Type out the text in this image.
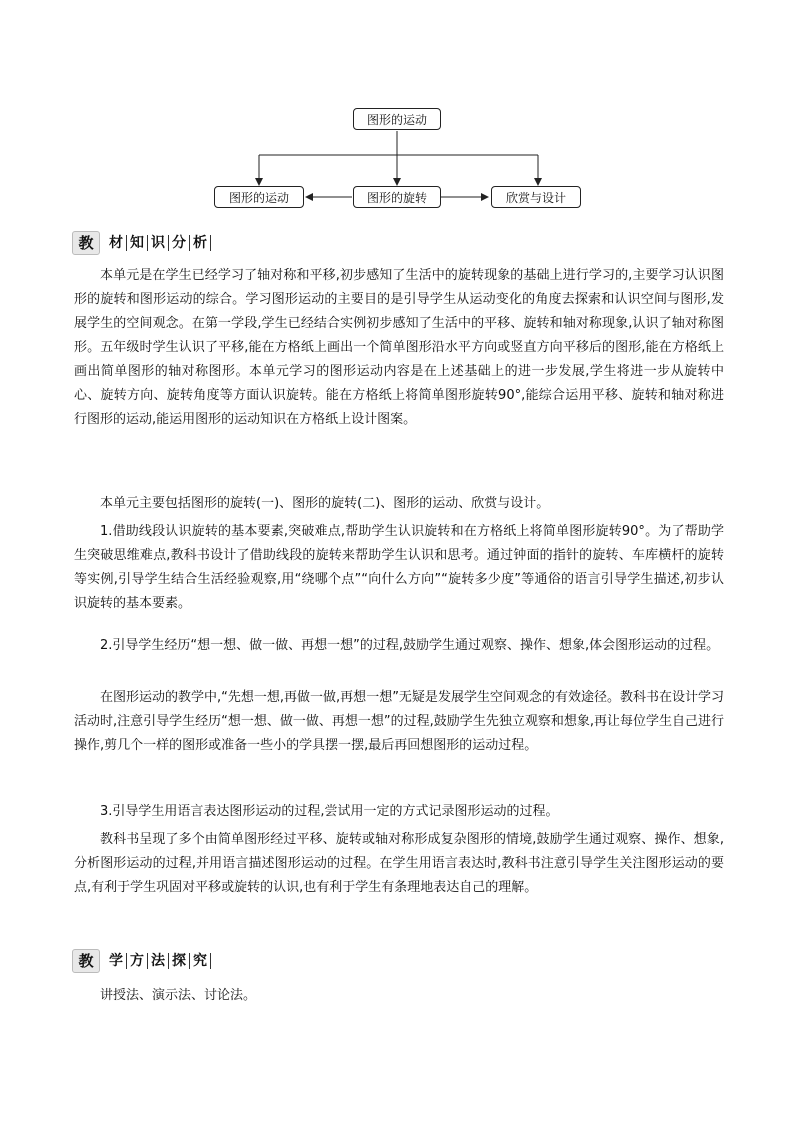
图形的运动
图形的运动	图形的旋转	欣赏与设计
教	材 知 识 分 析

本单元是在学生已经学习了轴对称和平移,初步感知了生活中的旋转现象的基础上进行学习的,主要学习认识图形的旋转和图形运动的综合。学习图形运动的主要目的是引导学生从运动变化的角度去探索和认识空间与图形,发展学生的空间观念。在第一学段,学生已经结合实例初步感知了生活中的平移、旋转和轴对称现象,认识了轴对称图形。五年级时学生认识了平移,能在方格纸上画出一个简单图形沿水平方向或竖直方向平移后的图形,能在方格纸上画出简单图形的轴对称图形。本单元学习的图形运动内容是在上述基础上的进一步发展,学生将进一步从旋转中心、旋转方向、旋转角度等方面认识旋转。能在方格纸上将简单图形旋转90°,能综合运用平移、旋转和轴对称进行图形的运动,能运用图形的运动知识在方格纸上设计图案。

本单元主要包括图形的旋转(一)、图形的旋转(二)、图形的运动、欣赏与设计。

1.借助线段认识旋转的基本要素,突破难点,帮助学生认识旋转和在方格纸上将简单图形旋转90°。为了帮助学生突破思维难点,教科书设计了借助线段的旋转来帮助学生认识和思考。通过钟面的指针的旋转、车库横杆的旋转等实例,引导学生结合生活经验观察,用“绕哪个点”“向什么方向”“旋转多少度”等通俗的语言引导学生描述,初步认识旋转的基本要素。

2.引导学生经历“想一想、做一做、再想一想”的过程,鼓励学生通过观察、操作、想象,体会图形运动的过程。

在图形运动的教学中,“先想一想,再做一做,再想一想”无疑是发展学生空间观念的有效途径。教科书在设计学习活动时,注意引导学生经历“想一想、做一做、再想一想”的过程,鼓励学生先独立观察和想象,再让每位学生自己进行操作,剪几个一样的图形或准备一些小的学具摆一摆,最后再回想图形的运动过程。

3.引导学生用语言表达图形运动的过程,尝试用一定的方式记录图形运动的过程。

教科书呈现了多个由简单图形经过平移、旋转或轴对称形成复杂图形的情境,鼓励学生通过观察、操作、想象,分析图形运动的过程,并用语言描述图形运动的过程。在学生用语言表达时,教科书注意引导学生关注图形运动的要点,有利于学生巩固对平移或旋转的认识,也有利于学生有条理地表达自己的理解。

教	学 方 法 探 究

讲授法、演示法、讨论法。
